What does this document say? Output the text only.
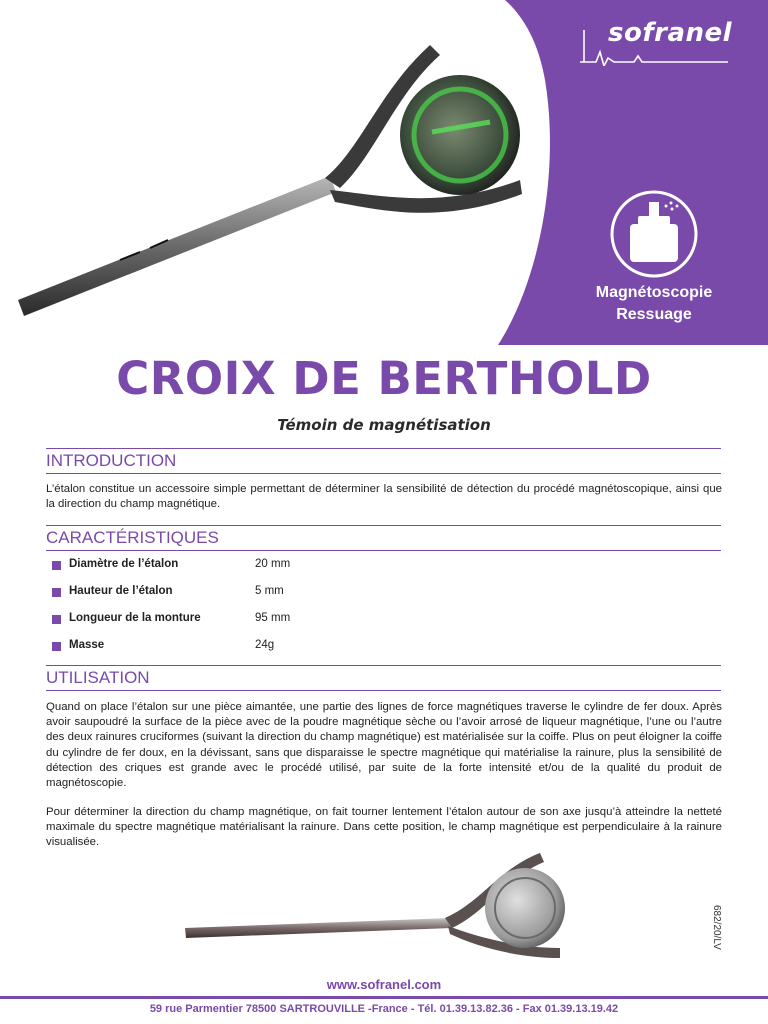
sofranel
Magnétoscopie
Ressuage
CROIX DE BERTHOLD
Témoin de magnétisation
INTRODUCTION
L’étalon constitue un accessoire simple permettant de déterminer la sensibilité de détection du procédé magnétoscopique, ainsi que la direction du champ magnétique.
CARACTÉRISTIQUES
Diamètre de l’étalon	20 mm
Hauteur de l’étalon	5 mm
Longueur de la monture	95 mm
Masse	24g
UTILISATION
Quand on place l’étalon sur une pièce aimantée, une partie des lignes de force magnétiques traverse le cylindre de fer doux. Après avoir saupoudré la surface de la pièce avec de la poudre magnétique sèche ou l’avoir arrosé de liqueur magnétique, l’une ou l’autre des deux rainures cruciformes (suivant la direction du champ magnétique) est matérialisée sur la coiffe. Plus on peut éloigner la coiffe du cylindre de fer doux, en la dévissant, sans que disparaisse le spectre magnétique qui matérialise la rainure, plus la sensibilité de détection des criques est grande avec le procédé utilisé, par suite de la forte intensité et/ou de la qualité du produit de magnétoscopie.
Pour déterminer la direction du champ magnétique, on fait tourner lentement l’étalon autour de son axe jusqu’à atteindre la netteté maximale du spectre magnétique matérialisant la rainure. Dans cette position, le champ magnétique est perpendiculaire à la rainure visualisée.
682/20/LV
www.sofranel.com
59 rue Parmentier 78500 SARTROUVILLE -France - Tél. 01.39.13.82.36 - Fax 01.39.13.19.42
